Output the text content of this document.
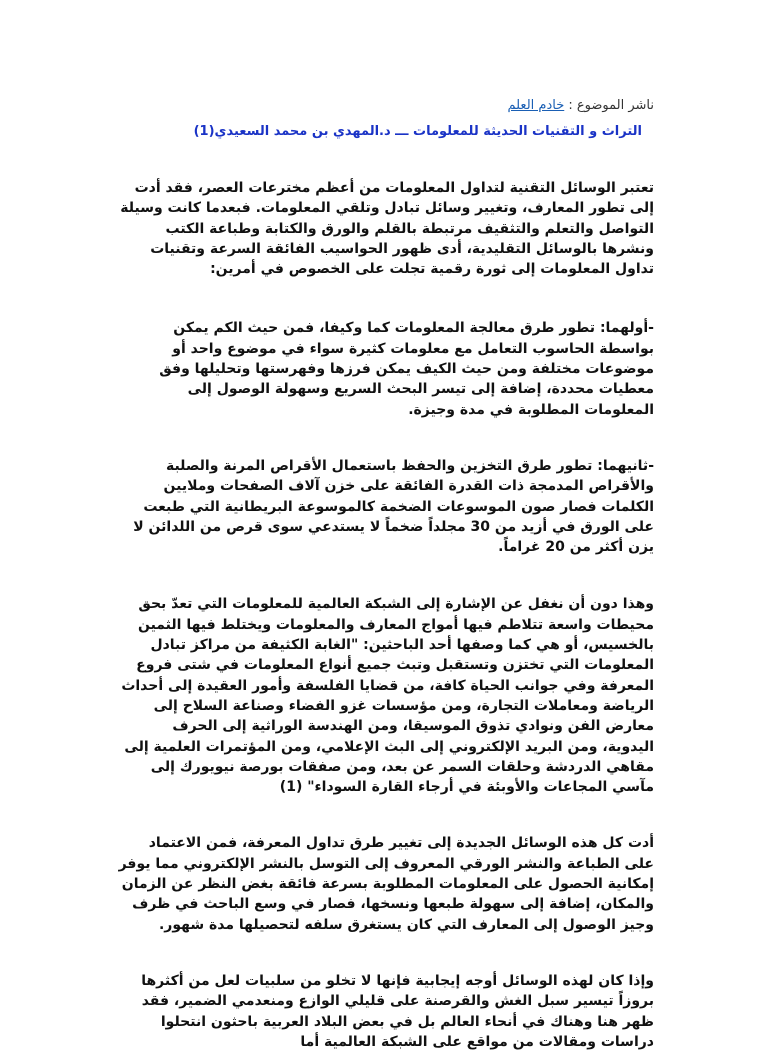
ناشر الموضوع : خادم العلم

التراث و التقنيات الحديثة للمعلومات ـــ د.المهدي بن محمد السعيدي(1)

تعتبر الوسائل التقنية لتداول المعلومات من أعظم مخترعات العصر، فقد أدت إلى تطور المعارف، وتغيير وسائل تبادل وتلقي المعلومات. فبعدما كانت وسيلة التواصل والتعلم والتثقيف مرتبطة بالقلم والورق والكتابة وطباعة الكتب ونشرها بالوسائل التقليدية، أدى ظهور الحواسيب الفائقة السرعة وتقنيات تداول المعلومات إلى ثورة رقمية تجلت على الخصوص في أمرين:

-أولهما: تطور طرق معالجة المعلومات كما وكيفا، فمن حيث الكم يمكن بواسطة الحاسوب التعامل مع معلومات كثيرة سواء في موضوع واحد أو موضوعات مختلفة ومن حيث الكيف يمكن فرزها وفهرستها وتحليلها وفق معطيات محددة، إضافة إلى تيسر البحث السريع وسهولة الوصول إلى المعلومات المطلوبة في مدة وجيزة.

-ثانيهما: تطور طرق التخزين والحفظ باستعمال الأقراص المرنة والصلبة والأقراص المدمجة ذات القدرة الفائقة على خزن آلاف الصفحات وملايين الكلمات فصار صون الموسوعات الضخمة كالموسوعة البريطانية التي طبعت على الورق في أزيد من 30 مجلداً ضخماً لا يستدعي سوى قرص من اللدائن لا يزن أكثر من 20 غراماً.

وهذا دون أن نغفل عن الإشارة إلى الشبكة العالمية للمعلومات التي تعدّ بحق محيطات واسعة تتلاطم فيها أمواج المعارف والمعلومات ويختلط فيها الثمين بالخسيس، أو هي كما وصفها أحد الباحثين: "الغابة الكثيفة من مراكز تبادل المعلومات التي تختزن وتستقبل وتبث جميع أنواع المعلومات في شتى فروع المعرفة وفي جوانب الحياة كافة، من قضايا الفلسفة وأمور العقيدة إلى أحداث الرياضة ومعاملات التجارة، ومن مؤسسات غزو الفضاء وصناعة السلاح إلى معارض الفن ونوادي تذوق الموسيقا، ومن الهندسة الوراثية إلى الحرف اليدوية، ومن البريد الإلكتروني إلى البث الإعلامي، ومن المؤتمرات العلمية إلى مقاهي الدردشة وحلقات السمر عن بعد، ومن صفقات بورصة نيويورك إلى مآسي المجاعات والأوبئة في أرجاء القارة السوداء" (1)

أدت كل هذه الوسائل الجديدة إلى تغيير طرق تداول المعرفة، فمن الاعتماد على الطباعة والنشر الورقي المعروف إلى التوسل بالنشر الإلكتروني مما يوفر إمكانية الحصول على المعلومات المطلوبة بسرعة فائقة بغض النظر عن الزمان والمكان، إضافة إلى سهولة طبعها ونسخها، فصار في وسع الباحث في ظرف وجيز الوصول إلى المعارف التي كان يستغرق سلفه لتحصيلها مدة شهور.

وإذا كان لهذه الوسائل أوجه إيجابية فإنها لا تخلو من سلبيات لعل من أكثرها بروزاً تيسير سبل الغش والقرصنة على قليلي الوازع ومنعدمي الضمير، فقد ظهر هنا وهناك في أنحاء العالم بل في بعض البلاد العربية باحثون انتحلوا دراسات ومقالات من مواقع على الشبكة العالمية أما
